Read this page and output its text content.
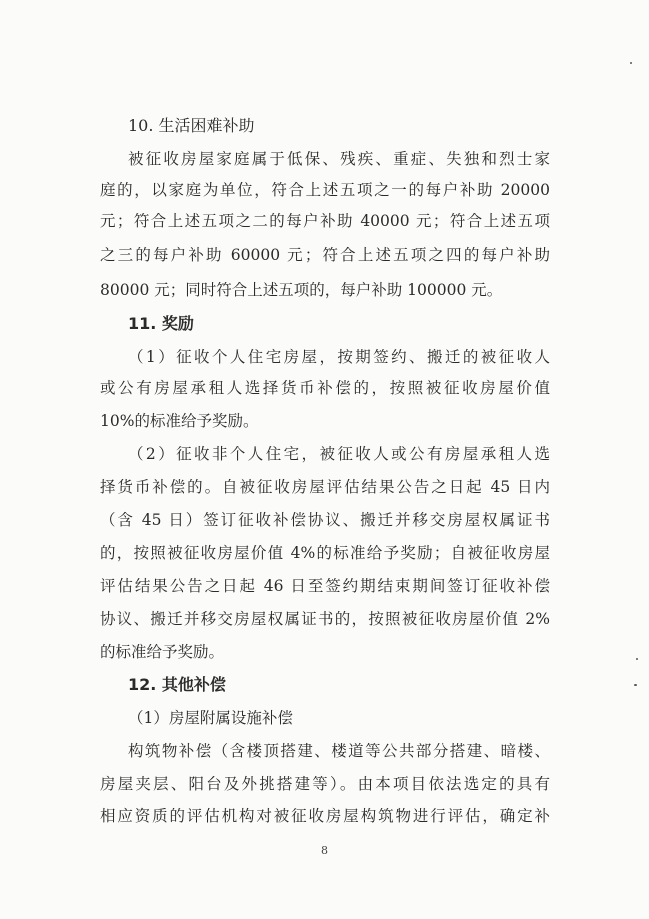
10. 生活困难补助
被征收房屋家庭属于低保、残疾、重症、失独和烈士家
庭的，以家庭为单位，符合上述五项之一的每户补助 20000
元；符合上述五项之二的每户补助 40000 元；符合上述五项
之三的每户补助 60000 元；符合上述五项之四的每户补助
80000 元；同时符合上述五项的，每户补助 100000 元。
11. 奖励
（1）征收个人住宅房屋，按期签约、搬迁的被征收人
或公有房屋承租人选择货币补偿的，按照被征收房屋价值
10%的标准给予奖励。
（2）征收非个人住宅，被征收人或公有房屋承租人选
择货币补偿的。自被征收房屋评估结果公告之日起 45 日内
（含 45 日）签订征收补偿协议、搬迁并移交房屋权属证书
的，按照被征收房屋价值 4%的标准给予奖励；自被征收房屋
评估结果公告之日起 46 日至签约期结束期间签订征收补偿
协议、搬迁并移交房屋权属证书的，按照被征收房屋价值 2%
的标准给予奖励。
12. 其他补偿
（1）房屋附属设施补偿
构筑物补偿（含楼顶搭建、楼道等公共部分搭建、暗楼、
房屋夹层、阳台及外挑搭建等）。由本项目依法选定的具有
相应资质的评估机构对被征收房屋构筑物进行评估，确定补
8
